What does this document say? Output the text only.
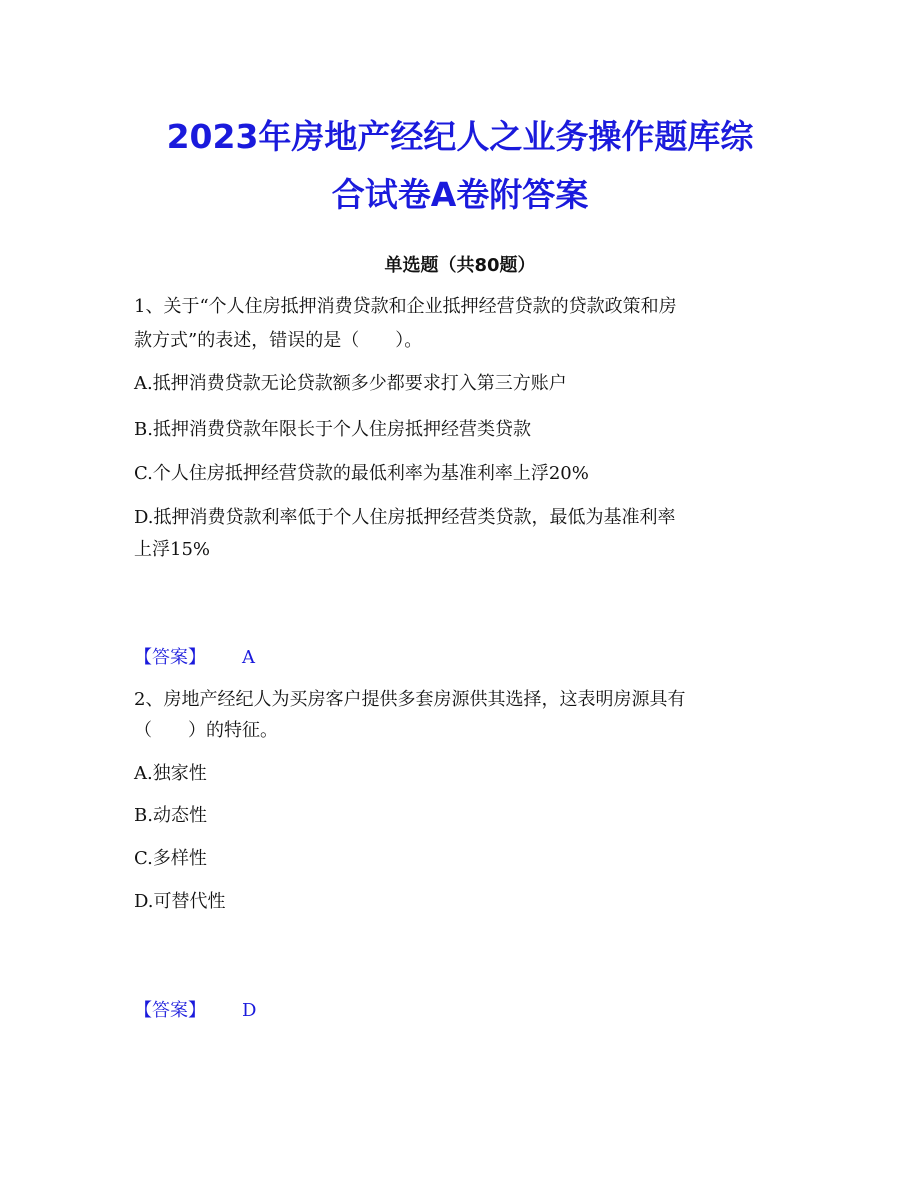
2023年房地产经纪人之业务操作题库综
合试卷A卷附答案

单选题（共80题）

1、关于“个人住房抵押消费贷款和企业抵押经营贷款的贷款政策和房

款方式”的表述，错误的是（　　）。

A.抵押消费贷款无论贷款额多少都要求打入第三方账户

B.抵押消费贷款年限长于个人住房抵押经营类贷款

C.个人住房抵押经营贷款的最低利率为基准利率上浮20%

D.抵押消费贷款利率低于个人住房抵押经营类贷款，最低为基准利率

上浮15%

【答案】 A

2、房地产经纪人为买房客户提供多套房源供其选择，这表明房源具有

（　　）的特征。

A.独家性

B.动态性

C.多样性

D.可替代性

【答案】 D
